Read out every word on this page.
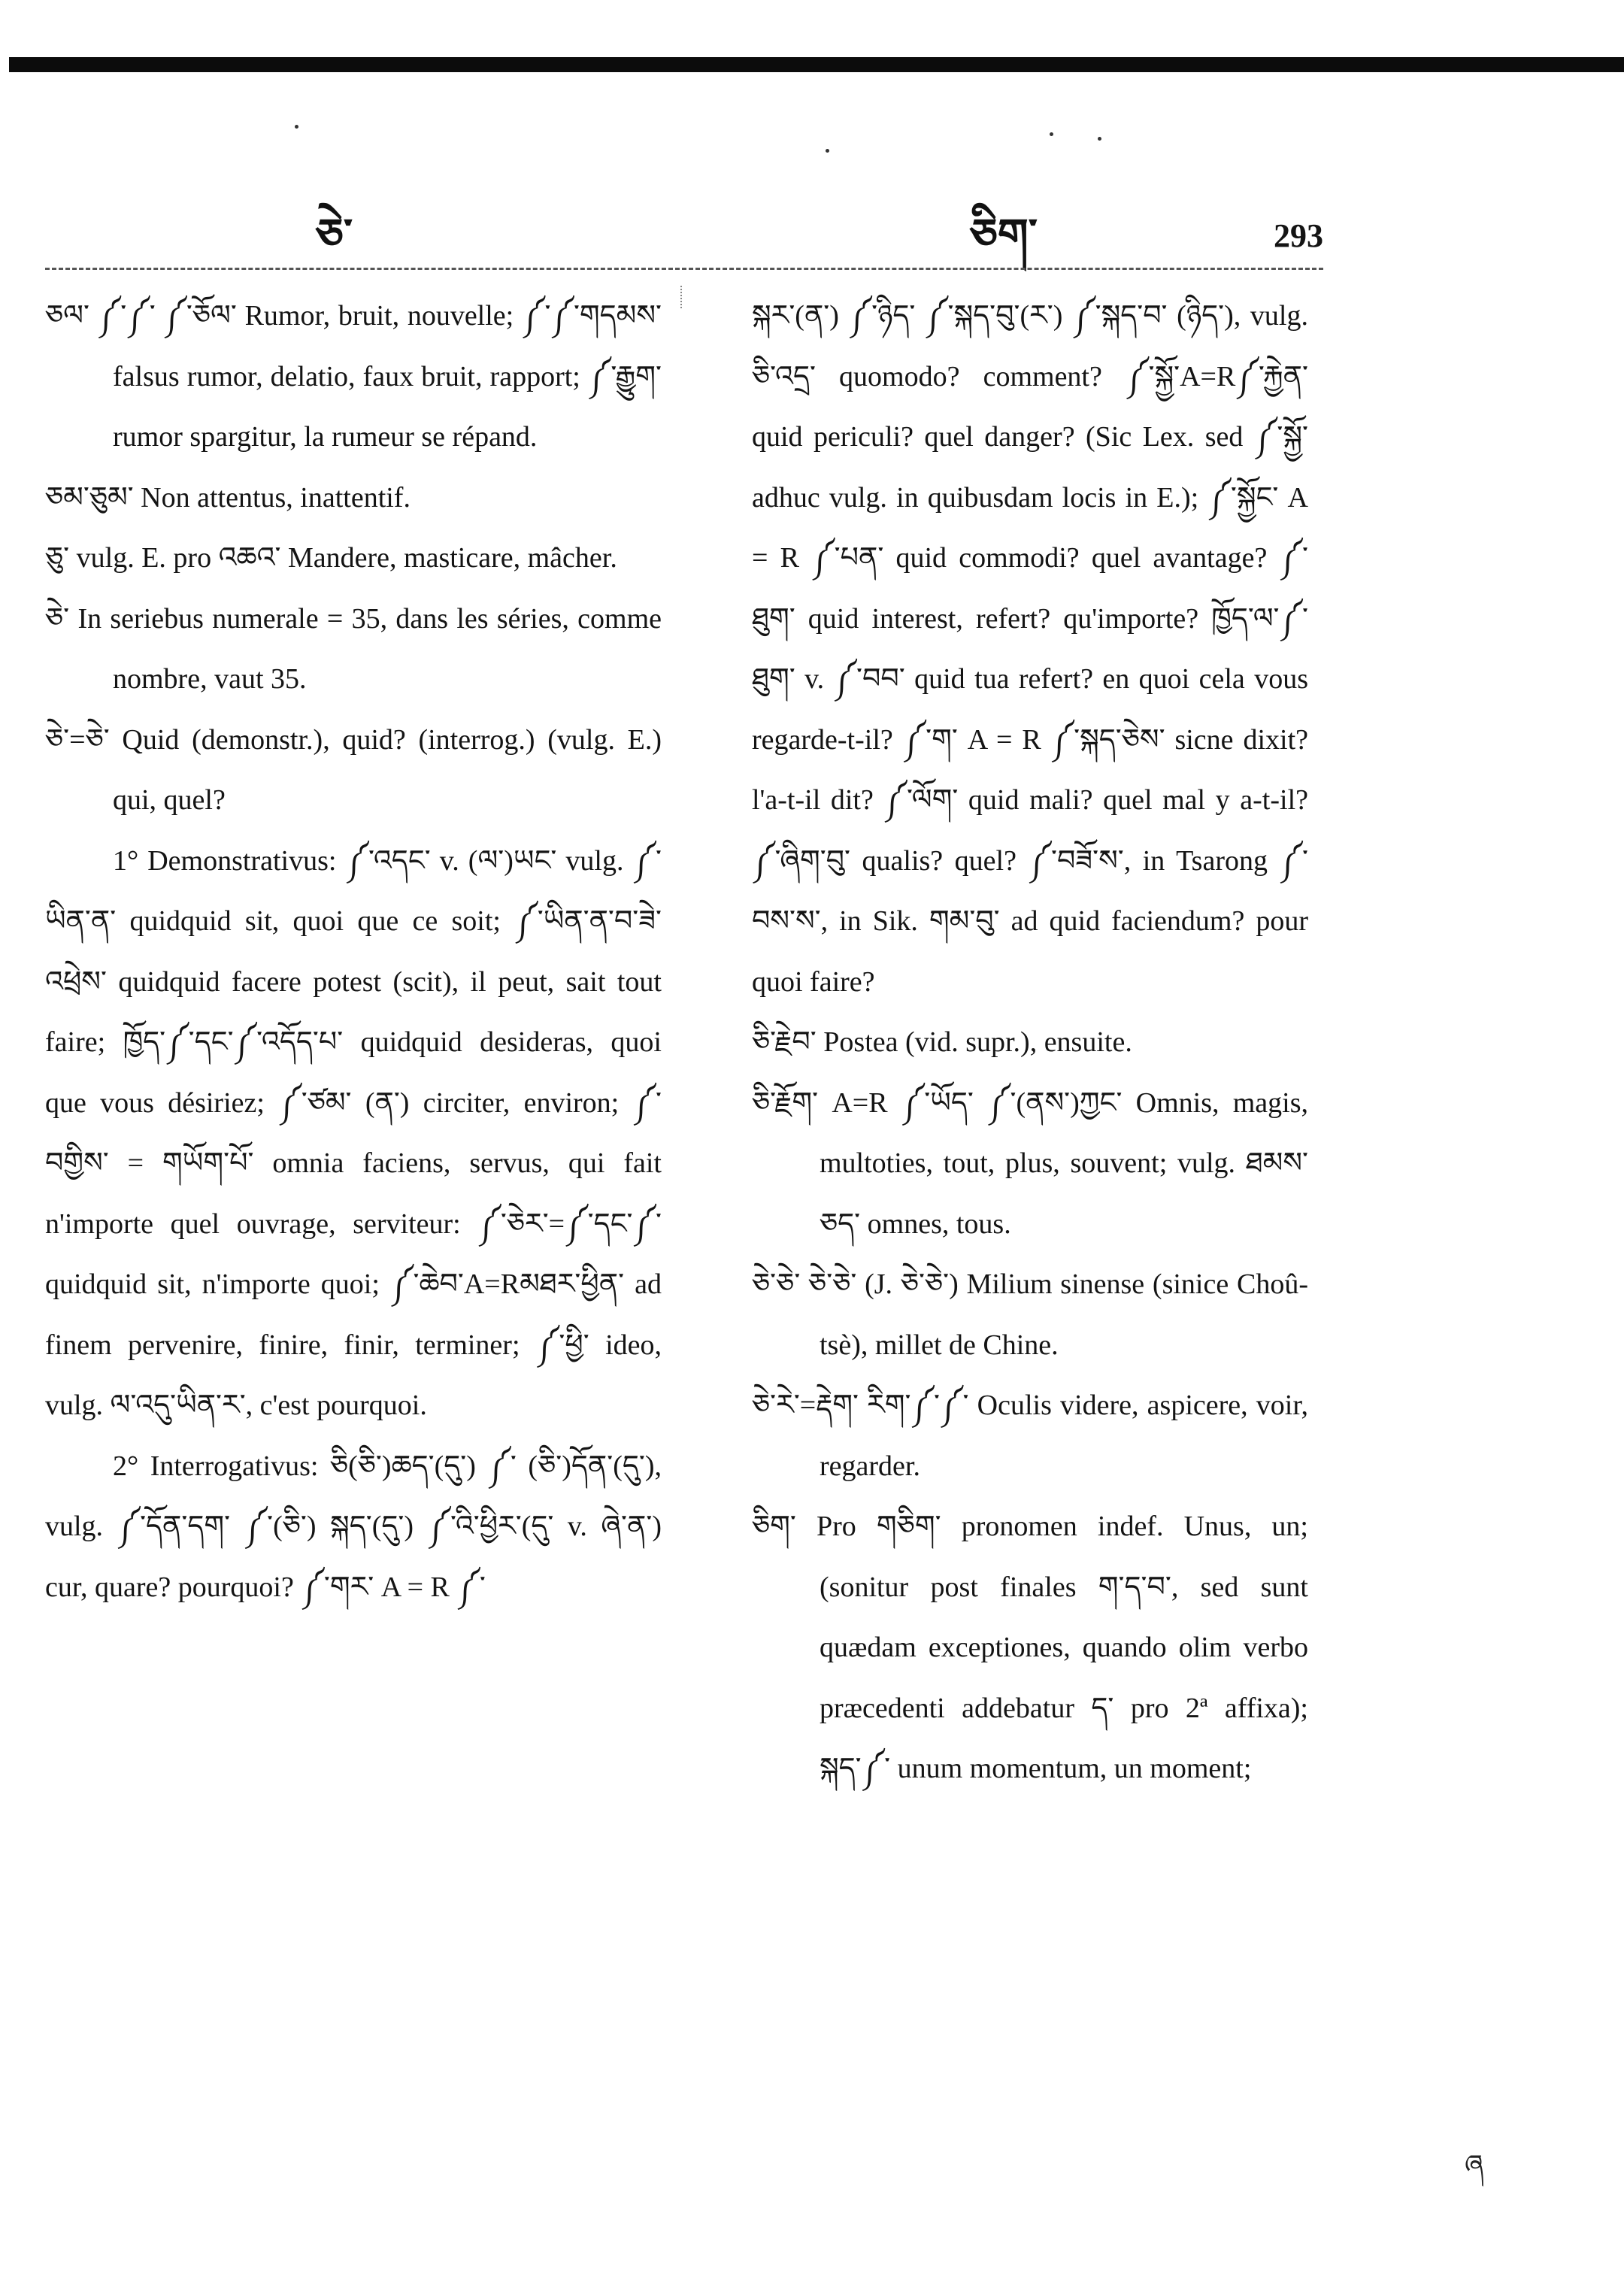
ཅེ་	ཅིག་	293

ཅལ་ ༼་༼་ ༼་ཅོལ་ Rumor, bruit, nouvelle; ༼་༼་གདམས་ falsus rumor, delatio, faux bruit, rapport; ༼་རྒྱུག་ rumor spargitur, la rumeur se répand.

ཅམ་ཅུམ་ Non attentus, inattentif.

ཅུ་ vulg. E. pro འཆའ་ Mandere, masticare, mâcher.

ཅེ་ In seriebus numerale = 35, dans les séries, comme nombre, vaut 35.

ཅེ་=ཅེ་ Quid (demonstr.), quid? (interrog.) (vulg. E.) qui, quel?

1° Demonstrativus: ༼་འདང་ v. (ལ་)ཡང་ vulg. ༼་ཡིན་ན་ quidquid sit, quoi que ce soit; ༼་ཡིན་ན་བ་ཟེ་འཕྲེས་ quidquid facere potest (scit), il peut, sait tout faire; ཁྱོད་༼་དང་༼་འདོད་པ་ quidquid desideras, quoi que vous désiriez; ༼་ཙམ་ (ན་) circiter, environ; ༼་བགྱིས་ = གཡོག་པོ་ omnia faciens, servus, qui fait n'importe quel ouvrage, serviteur: ༼་ཅེར་=༼་དང་༼་ quidquid sit, n'importe quoi; ༼་ཆེབ་A=Rམཐར་ཕྱིན་ ad finem pervenire, finire, finir, terminer; ༼་ཕྱི་ ideo, vulg. ལ་འདུ་ཡིན་ར་, c'est pourquoi.

2° Interrogativus: ཅི(ཅི་)ཆད་(དུ་) ༼་ (ཅི་)དོན་(དུ་), vulg. ༼་དོན་དག་ ༼་(ཅི་) སྐད་(དུ་) ༼་འི་ཕྱིར་(དུ་ v. ཞེ་ན་) cur, quare? pourquoi? ༼་གར་ A = R ༼་

སྐར་(ན་) ༼་ཉིད་ ༼་སྐད་བུ་(ར་) ༼་སྐད་བ་ (ཉིད་), vulg. ཅི་འདྲ་ quomodo? comment? ༼་སྐྱོ་A=R༼་རྐྱེན་ quid periculi? quel danger? (Sic Lex. sed ༼་སྐྱོ་ adhuc vulg. in quibusdam locis in E.); ༼་སྐྱོང་ A = R ༼་པན་ quid commodi? quel avantage? ༼་ཐུག་ quid interest, refert? qu'importe? ཁྱོད་ལ་༼་ཐུག་ v. ༼་བབ་ quid tua refert? en quoi cela vous regarde-t-il? ༼་ག་ A = R ༼་སྐད་ཅེས་ sicne dixit? l'a-t-il dit? ༼་ལོག་ quid mali? quel mal y a-t-il? ༼་ཞིག་བུ་ qualis? quel? ༼་བཟོ་ས་, in Tsarong ༼་བས་ས་, in Sik. གམ་བུ་ ad quid faciendum? pour quoi faire?

ཅི་རྗེབ་ Postea (vid. supr.), ensuite.

ཅི་རྗོག་ A=R ༼་ཡོད་ ༼་(ནས་)ཀྱང་ Omnis, magis, multoties, tout, plus, souvent; vulg. ཐམས་ཅད་ omnes, tous.

ཅེ་ཅེ་ ཅེ་ཅེ་ (J. ཅེ་ཅེ་) Milium sinense (sinice Choû-tsè), millet de Chine.

ཅེ་རེ་=རྡེག་ རིག་༼་༼་ Oculis videre, aspicere, voir, regarder.

ཅིག་ Pro གཅིག་ pronomen indef. Unus, un; (sonitur post finales ག་ད་བ་, sed sunt quædam exceptiones, quando olim verbo præcedenti addebatur ད་ pro 2ª affixa); སྐད་༼་ unum momentum, un moment;

ཞ
